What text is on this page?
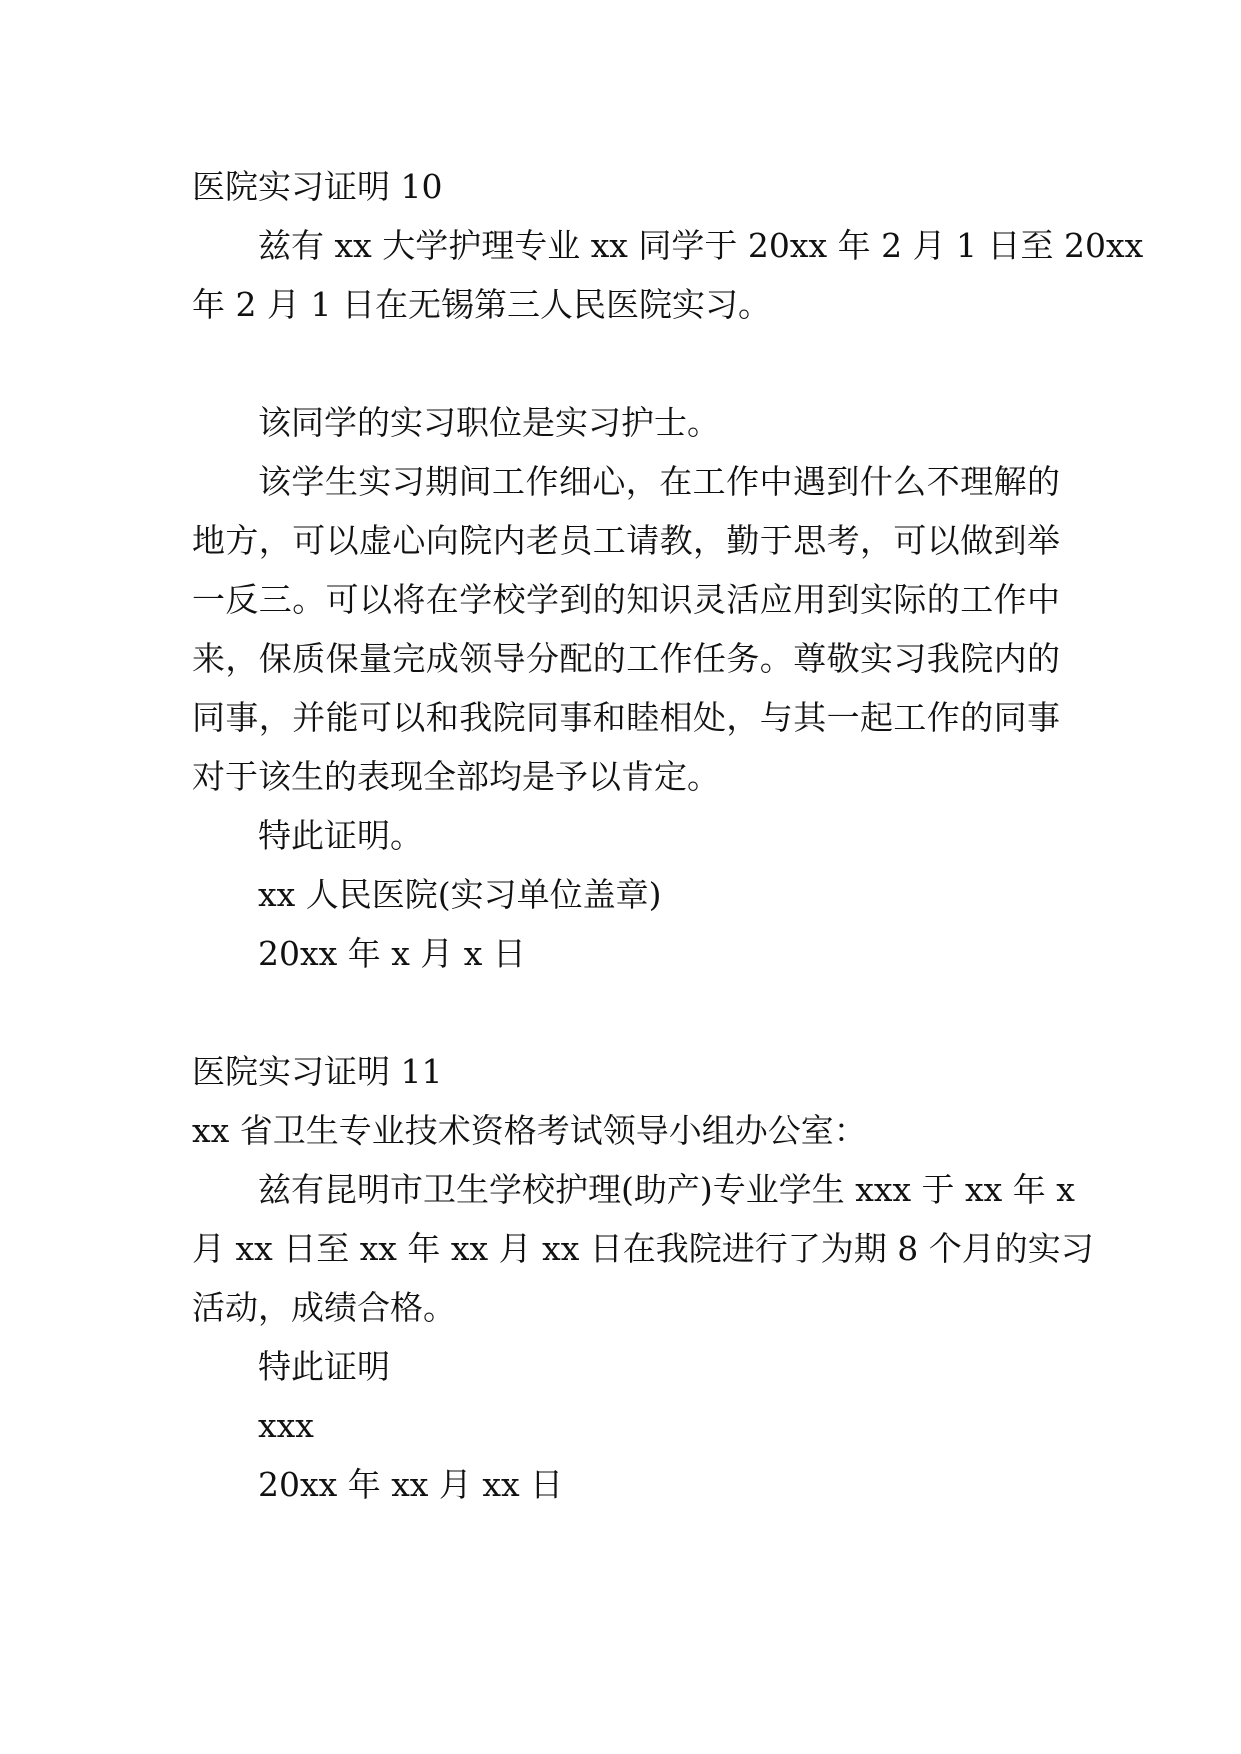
医院实习证明 10
兹有 xx 大学护理专业 xx 同学于 20xx 年 2 月 1 日至 20xx
年 2 月 1 日在无锡第三人民医院实习。
该同学的实习职位是实习护士。
该学生实习期间工作细心，在工作中遇到什么不理解的
地方，可以虚心向院内老员工请教，勤于思考，可以做到举
一反三。可以将在学校学到的知识灵活应用到实际的工作中
来，保质保量完成领导分配的工作任务。尊敬实习我院内的
同事，并能可以和我院同事和睦相处，与其一起工作的同事
对于该生的表现全部均是予以肯定。
特此证明。
xx 人民医院(实习单位盖章)
20xx 年 x 月 x 日
医院实习证明 11
xx 省卫生专业技术资格考试领导小组办公室：
兹有昆明市卫生学校护理(助产)专业学生 xxx 于 xx 年 x
月 xx 日至 xx 年 xx 月 xx 日在我院进行了为期 8 个月的实习
活动，成绩合格。
特此证明
xxx
20xx 年 xx 月 xx 日
